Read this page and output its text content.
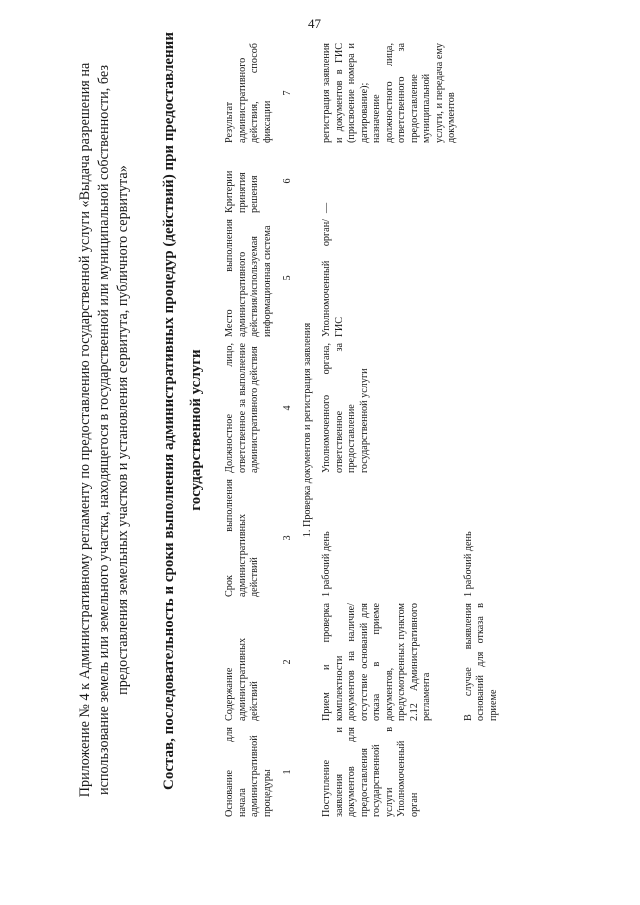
47

Приложение № 4 к Административному регламенту по предоставлению государственной услуги «Выдача разрешения на использование земель или земельного участка, находящегося в государственной или муниципальной собственности, без предоставления земельных участков и установления сервитута, публичного сервитута»	Состав, последовательность и сроки выполнения административных процедур (действий) при предоставлении государственной услуги

Основание для начала административной процедуры	Содержание административных действий	Срок выполнения административных действий	Должностное лицо, ответственное за выполнение административного действия	Место выполнения административного действия/используемая информационная система	Критерии принятия решения	Результат административного действия, способ фиксации
1	2	3	4	5	6	7
1. Проверка документов и регистрация заявления						
Поступление заявления и документов для предоставления государственной услуги в Уполномоченный орган	Прием и проверка комплектности документов на наличие/отсутствие оснований для отказа в приеме документов, предусмотренных пунктом 2.12 Административного регламента	1 рабочий день	Уполномоченного органа, ответственное за предоставление государственной услуги	Уполномоченный орган/ГИС	—	регистрация заявления и документов в ГИС (присвоение номера и датирование); назначение должностного лица, ответственного за предоставление муниципальной услуги, и передача ему документов
	В случае выявления оснований для отказа в приеме	1 рабочий день				
